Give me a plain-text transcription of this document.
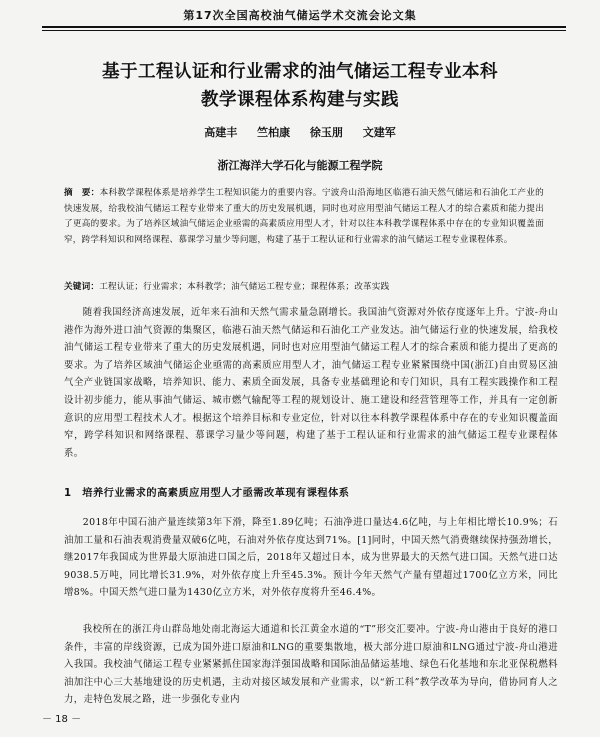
第17次全国高校油气储运学术交流会论文集
基于工程认证和行业需求的油气储运工程专业本科
教学课程体系构建与实践
高建丰 竺柏康 徐玉朋 文建军
浙江海洋大学石化与能源工程学院
摘　要：本科教学课程体系是培养学生工程知识能力的重要内容。宁波舟山沿海地区临港石油天然气储运和石油化工产业的快速发展，给我校油气储运工程专业带来了重大的历史发展机遇，同时也对应用型油气储运工程人才的综合素质和能力提出了更高的要求。为了培养区域油气储运企业亟需的高素质应用型人才，针对以往本科教学课程体系中存在的专业知识覆盖面窄，跨学科知识和网络课程、慕课学习量少等问题，构建了基于工程认证和行业需求的油气储运工程专业课程体系。
关键词：工程认证；行业需求；本科教学；油气储运工程专业；课程体系；改革实践

随着我国经济高速发展，近年来石油和天然气需求量急剧增长。我国油气资源对外依存度逐年上升。宁波-舟山港作为海外进口油气资源的集聚区，临港石油天然气储运和石油化工产业发达。油气储运行业的快速发展，给我校油气储运工程专业带来了重大的历史发展机遇，同时也对应用型油气储运工程人才的综合素质和能力提出了更高的要求。为了培养区域油气储运企业亟需的高素质应用型人才，油气储运工程专业紧紧围绕中国(浙江)自由贸易区油气全产业链国家战略，培养知识、能力、素质全面发展，具备专业基础理论和专门知识，具有工程实践操作和工程设计初步能力，能从事油气储运、城市燃气输配等工程的规划设计、施工建设和经营管理等工作，并具有一定创新意识的应用型工程技术人才。根据这个培养目标和专业定位，针对以往本科教学课程体系中存在的专业知识覆盖面窄，跨学科知识和网络课程、慕课学习量少等问题，构建了基于工程认证和行业需求的油气储运工程专业课程体系。

1　培养行业需求的高素质应用型人才亟需改革现有课程体系

2018年中国石油产量连续第3年下滑，降至1.89亿吨；石油净进口量达4.6亿吨，与上年相比增长10.9%；石油加工量和石油表观消费量双破6亿吨，石油对外依存度达到71%。[1]同时，中国天然气消费继续保持强劲增长，继2017年我国成为世界最大原油进口国之后，2018年又超过日本，成为世界最大的天然气进口国。天然气进口达9038.5万吨，同比增长31.9%，对外依存度上升至45.3%。预计今年天然气产量有望超过1700亿立方米，同比增8%。中国天然气进口量为1430亿立方米，对外依存度将升至46.4%。

我校所在的浙江舟山群岛地处南北海运大通道和长江黄金水道的“T”形交汇要冲。宁波-舟山港由于良好的港口条件，丰富的岸线资源，已成为国外进口原油和LNG的重要集散地，极大部分进口原油和LNG通过宁波-舟山港进入我国。我校油气储运工程专业紧紧抓住国家海洋强国战略和国际油品储运基地、绿色石化基地和东北亚保税燃料油加注中心三大基地建设的历史机遇，主动对接区域发展和产业需求，以“新工科”教学改革为导向，借协同育人之力，走特色发展之路，进一步强化专业内

－ 18 －
